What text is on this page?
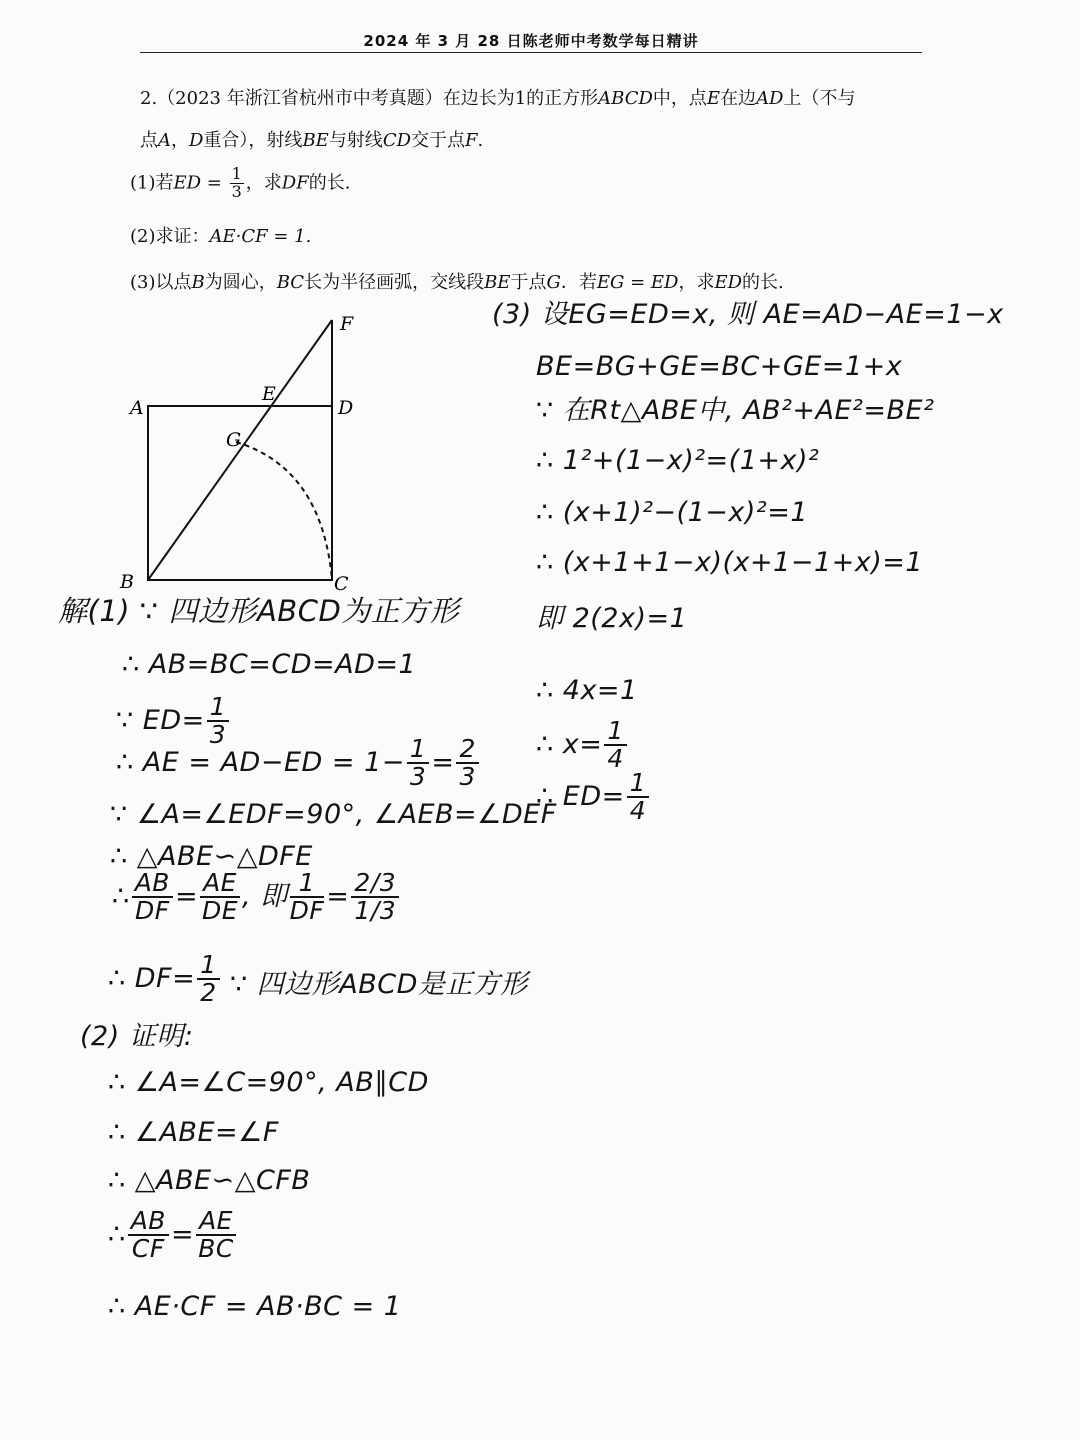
2024 年 3 月 28 日陈老师中考数学每日精讲
2.（2023 年浙江省杭州市中考真题）在边长为1的正方形ABCD中，点E在边AD上（不与
点A，D重合），射线BE与射线CD交于点F.
(1)若ED = $\frac{1}{3}$ ，求DF的长.
(2)求证：AE·CF = 1.
(3)以点B为圆心，BC长为半径画弧，交线段BE于点G．若EG = ED，求ED的长.
A
B	C
D
E
F
G
解(1) ∵ 四边形ABCD为正方形
∴ AB=BC=CD=AD=1
∵ $ED= \frac{1}{3}$
∴ AE = $AD-ED = 1- \frac{1}{3} = \frac{2}{3}$
∵ ∠A=∠EDF=90°, ∠AEB=∠DEF
∴ △ABE∽△DFE
∴ $\frac{AB}{DF} = \frac{AE}{DE}$ , 即 $\frac{1}{DF} = \frac{2/3}{1/3}$
∴ $DF= \frac{1}{2}$ ∵ 四边形ABCD是正方形
(2) 证明:
∴ ∠A=∠C=90°, AB∥CD
∴ ∠ABE=∠F
∴ △ABE∽△CFB
∴ $\frac{AB}{CF} = \frac{AE}{BC}$
∴ AE·CF = AB·BC = 1
(3) 设EG=ED=x, 则 AE=AD−AE=1−x
BE=BG+GE=BC+GE=1+x
∵ 在Rt△ABE中, AB²+AE²=BE²
∴ 1²+(1−x)²=(1+x)²
∴ (x+1)²−(1−x)²=1
∴ (x+1+1−x)(x+1−1+x)=1
即 2(2x)=1
∴ 4x=1
∴ $x= \frac{1}{4}$
∴ $ED= \frac{1}{4}$
